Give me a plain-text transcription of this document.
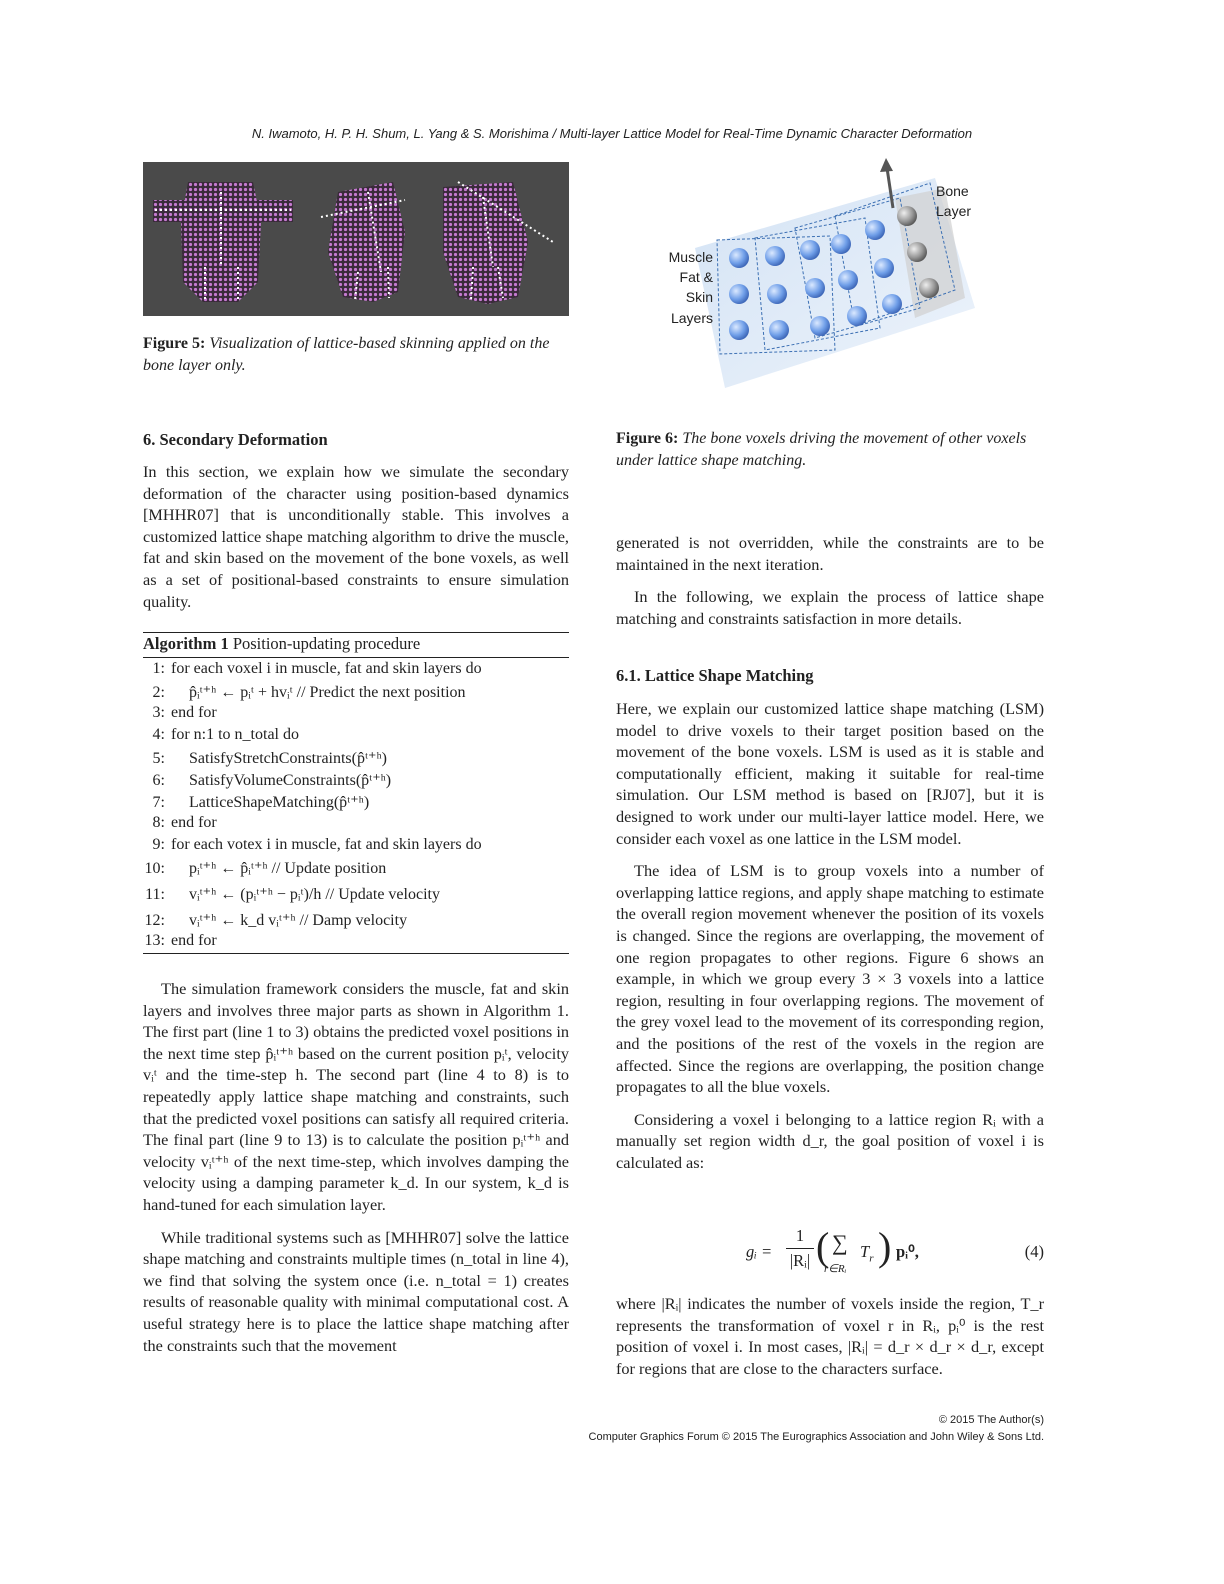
N. Iwamoto, H. P. H. Shum, L. Yang & S. Morishima / Multi-layer Lattice Model for Real-Time Dynamic Character Deformation
Figure 5: Visualization of lattice-based skinning applied on the bone layer only.
Bone
Layer
Muscle
Fat &
Skin
Layers
Figure 6: The bone voxels driving the movement of other voxels under lattice shape matching.
6. Secondary Deformation

In this section, we explain how we simulate the secondary deformation of the character using position-based dynamics [MHHR07] that is unconditionally stable. This involves a customized lattice shape matching algorithm to drive the muscle, fat and skin based on the movement of the bone voxels, as well as a set of positional-based constraints to ensure simulation quality.

Algorithm 1 Position-updating procedure
1: for each voxel i in muscle, fat and skin layers do
2: p̂ᵢᵗ⁺ʰ ← pᵢᵗ + hvᵢᵗ // Predict the next position
3: end for
4: for n:1 to n_total do
5: SatisfyStretchConstraints(p̂ᵗ⁺ʰ)
6: SatisfyVolumeConstraints(p̂ᵗ⁺ʰ)
7: LatticeShapeMatching(p̂ᵗ⁺ʰ)
8: end for
9: for each votex i in muscle, fat and skin layers do
10: pᵢᵗ⁺ʰ ← p̂ᵢᵗ⁺ʰ // Update position
11: vᵢᵗ⁺ʰ ← (pᵢᵗ⁺ʰ − pᵢᵗ)/h // Update velocity
12: vᵢᵗ⁺ʰ ← k_d vᵢᵗ⁺ʰ // Damp velocity
13: end for

The simulation framework considers the muscle, fat and skin layers and involves three major parts as shown in Algorithm 1. The first part (line 1 to 3) obtains the predicted voxel positions in the next time step p̂ᵢᵗ⁺ʰ based on the current position pᵢᵗ, velocity vᵢᵗ and the time-step h. The second part (line 4 to 8) is to repeatedly apply lattice shape matching and constraints, such that the predicted voxel positions can satisfy all required criteria. The final part (line 9 to 13) is to calculate the position pᵢᵗ⁺ʰ and velocity vᵢᵗ⁺ʰ of the next time-step, which involves damping the velocity using a damping parameter k_d. In our system, k_d is hand-tuned for each simulation layer.

While traditional systems such as [MHHR07] solve the lattice shape matching and constraints multiple times (n_total in line 4), we find that solving the system once (i.e. n_total = 1) creates results of reasonable quality with minimal computational cost. A useful strategy here is to place the lattice shape matching after the constraints such that the movement

generated is not overridden, while the constraints are to be maintained in the next iteration.

In the following, we explain the process of lattice shape matching and constraints satisfaction in more details.

6.1. Lattice Shape Matching

Here, we explain our customized lattice shape matching (LSM) model to drive voxels to their target position based on the movement of the bone voxels. LSM is used as it is stable and computationally efficient, making it suitable for real-time simulation. Our LSM method is based on [RJ07], but it is designed to work under our multi-layer lattice model. Here, we consider each voxel as one lattice in the LSM model.

The idea of LSM is to group voxels into a number of overlapping lattice regions, and apply shape matching to estimate the overall region movement whenever the position of its voxels is changed. Since the regions are overlapping, the movement of one region propagates to other regions. Figure 6 shows an example, in which we group every 3 × 3 voxels into a lattice region, resulting in four overlapping regions. The movement of the grey voxel lead to the movement of its corresponding region, and the positions of the rest of the voxels in the region are affected. Since the regions are overlapping, the position change propagates to all the blue voxels.

Considering a voxel i belonging to a lattice region Rᵢ with a manually set region width d_r, the goal position of voxel i is calculated as:

gᵢ = $\frac{1}{\text{|Rᵢ|}}$ ( ∑
r∈Rᵢ
$T_r$ ) pᵢ⁰,	(4)

where |Rᵢ| indicates the number of voxels inside the region, T_r represents the transformation of voxel r in Rᵢ, pᵢ⁰ is the rest position of voxel i. In most cases, |Rᵢ| = d_r × d_r × d_r, except for regions that are close to the characters surface.

© 2015 The Author(s)
Computer Graphics Forum © 2015 The Eurographics Association and John Wiley & Sons Ltd.
